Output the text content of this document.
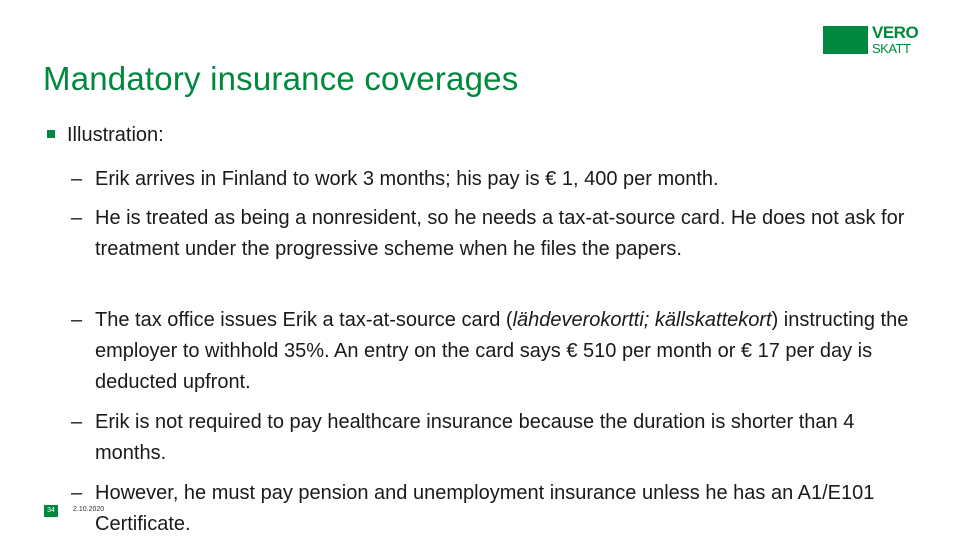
VERO
SKATT
Mandatory insurance coverages
Illustration:
– Erik arrives in Finland to work 3 months; his pay is € 1, 400 per month.
– He is treated as being a nonresident, so he needs a tax-at-source card. He does not ask for treatment under the progressive scheme when he files the papers.
– The tax office issues Erik a tax-at-source card (lähdeverokortti; källskattekort) instructing the employer to withhold 35%. An entry on the card says € 510 per month or € 17 per day is deducted upfront.
– Erik is not required to pay healthcare insurance because the duration is shorter than 4 months.
– However, he must pay pension and unemployment insurance unless he has an A1/E101 Certificate.
34	2.10.2020
